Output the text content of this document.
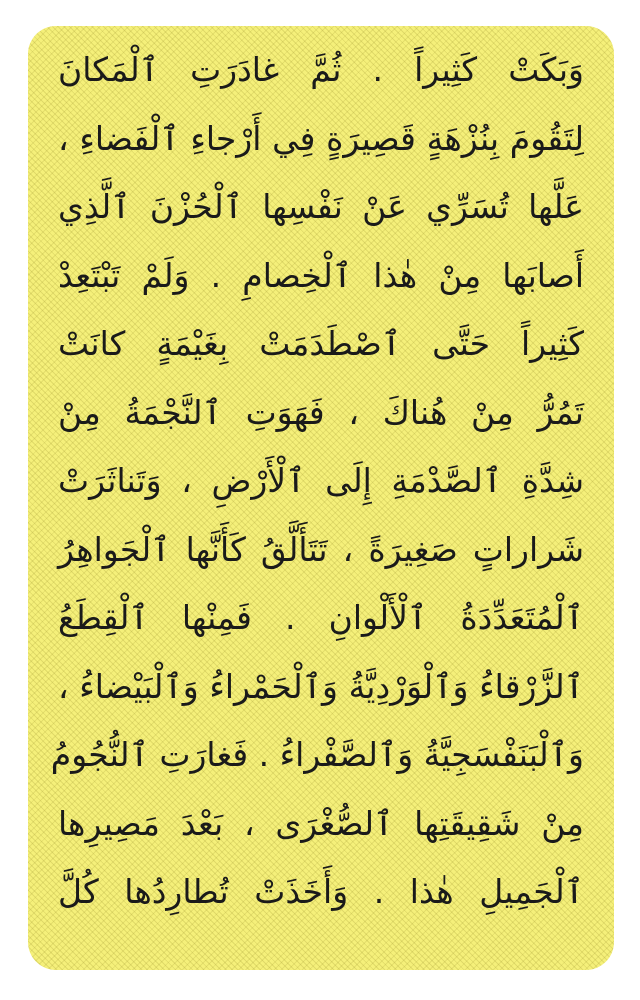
وَبَكَتْ كَثِيراً . ثُمَّ غادَرَتِ ٱلْمَكانَ
لِتَقُومَ بِنُزْهَةٍ قَصِيرَةٍ فِي أَرْجاءِ ٱلْفَضاءِ ،
عَلَّها تُسَرِّي عَنْ نَفْسِها ٱلْحُزْنَ ٱلَّذِي
أَصابَها مِنْ هٰذا ٱلْخِصامِ . وَلَمْ تَبْتَعِدْ
كَثِيراً حَتَّى ٱصْطَدَمَتْ بِغَيْمَةٍ كانَتْ
تَمُرُّ مِنْ هُناكَ ، فَهَوَتِ ٱلنَّجْمَةُ مِنْ
شِدَّةِ ٱلصَّدْمَةِ إِلَى ٱلْأَرْضِ ، وَتَناثَرَتْ
شَراراتٍ صَغِيرَةً ، تَتَأَلَّقُ كَأَنَّها ٱلْجَواهِرُ
ٱلْمُتَعَدِّدَةُ ٱلْأَلْوانِ . فَمِنْها ٱلْقِطَعُ
ٱلزَّرْقاءُ وَٱلْوَرْدِيَّةُ وَٱلْحَمْراءُ وَٱلْبَيْضاءُ ،
وَٱلْبَنَفْسَجِيَّةُ وَٱلصَّفْراءُ . فَغارَتِ ٱلنُّجُومُ
مِنْ شَقِيقَتِها ٱلصُّغْرَى ، بَعْدَ مَصِيرِها
ٱلْجَمِيلِ هٰذا . وَأَخَذَتْ تُطارِدُها كُلَّ
